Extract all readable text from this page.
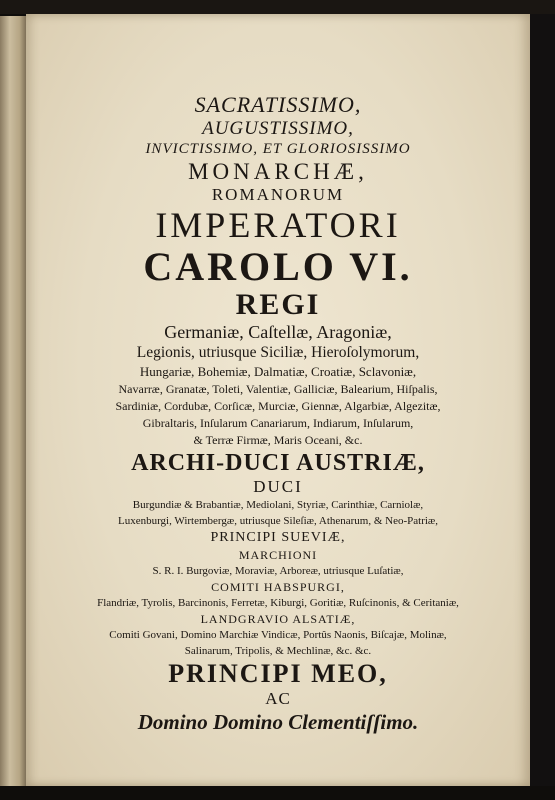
SACRATISSIMO,
AUGUSTISSIMO,
INVICTISSIMO, ET GLORIOSISSIMO
MONARCHÆ,
ROMANORUM
IMPERATORI
CAROLO VI.
REGI
Germaniæ, Caſtellæ, Aragoniæ,
Legionis, utriusque Siciliæ, Hieroſolymorum,
Hungariæ, Bohemiæ, Dalmatiæ, Croatiæ, Sclavoniæ,
Navarræ, Granatæ, Toleti, Valentiæ, Galliciæ, Balearium, Hiſpalis,
Sardiniæ, Cordubæ, Corſicæ, Murciæ, Giennæ, Algarbiæ, Algezitæ,
Gibraltaris, Inſularum Canariarum, Indiarum, Inſularum,
& Terræ Firmæ, Maris Oceani, &c.
ARCHI-DUCI AUSTRIÆ,
DUCI
Burgundiæ & Brabantiæ, Mediolani, Styriæ, Carinthiæ, Carniolæ,
Luxenburgi, Wirtembergæ, utriusque Sileſiæ, Athenarum, & Neo-Patriæ,
PRINCIPI SUEVIÆ,
MARCHIONI
S. R. I. Burgoviæ, Moraviæ, Arboreæ, utriusque Luſatiæ,
COMITI HABSPURGI,
Flandriæ, Tyrolis, Barcinonis, Ferretæ, Kiburgi, Goritiæ, Ruſcinonis, & Ceritaniæ,
LANDGRAVIO ALSATIÆ,
Comiti Govani, Domino Marchiæ Vindicæ, Portûs Naonis, Biſcajæ, Molinæ,
Salinarum, Tripolis, & Mechlinæ, &c. &c.
PRINCIPI MEO,
AC
Domino Domino Clementiſſimo.
